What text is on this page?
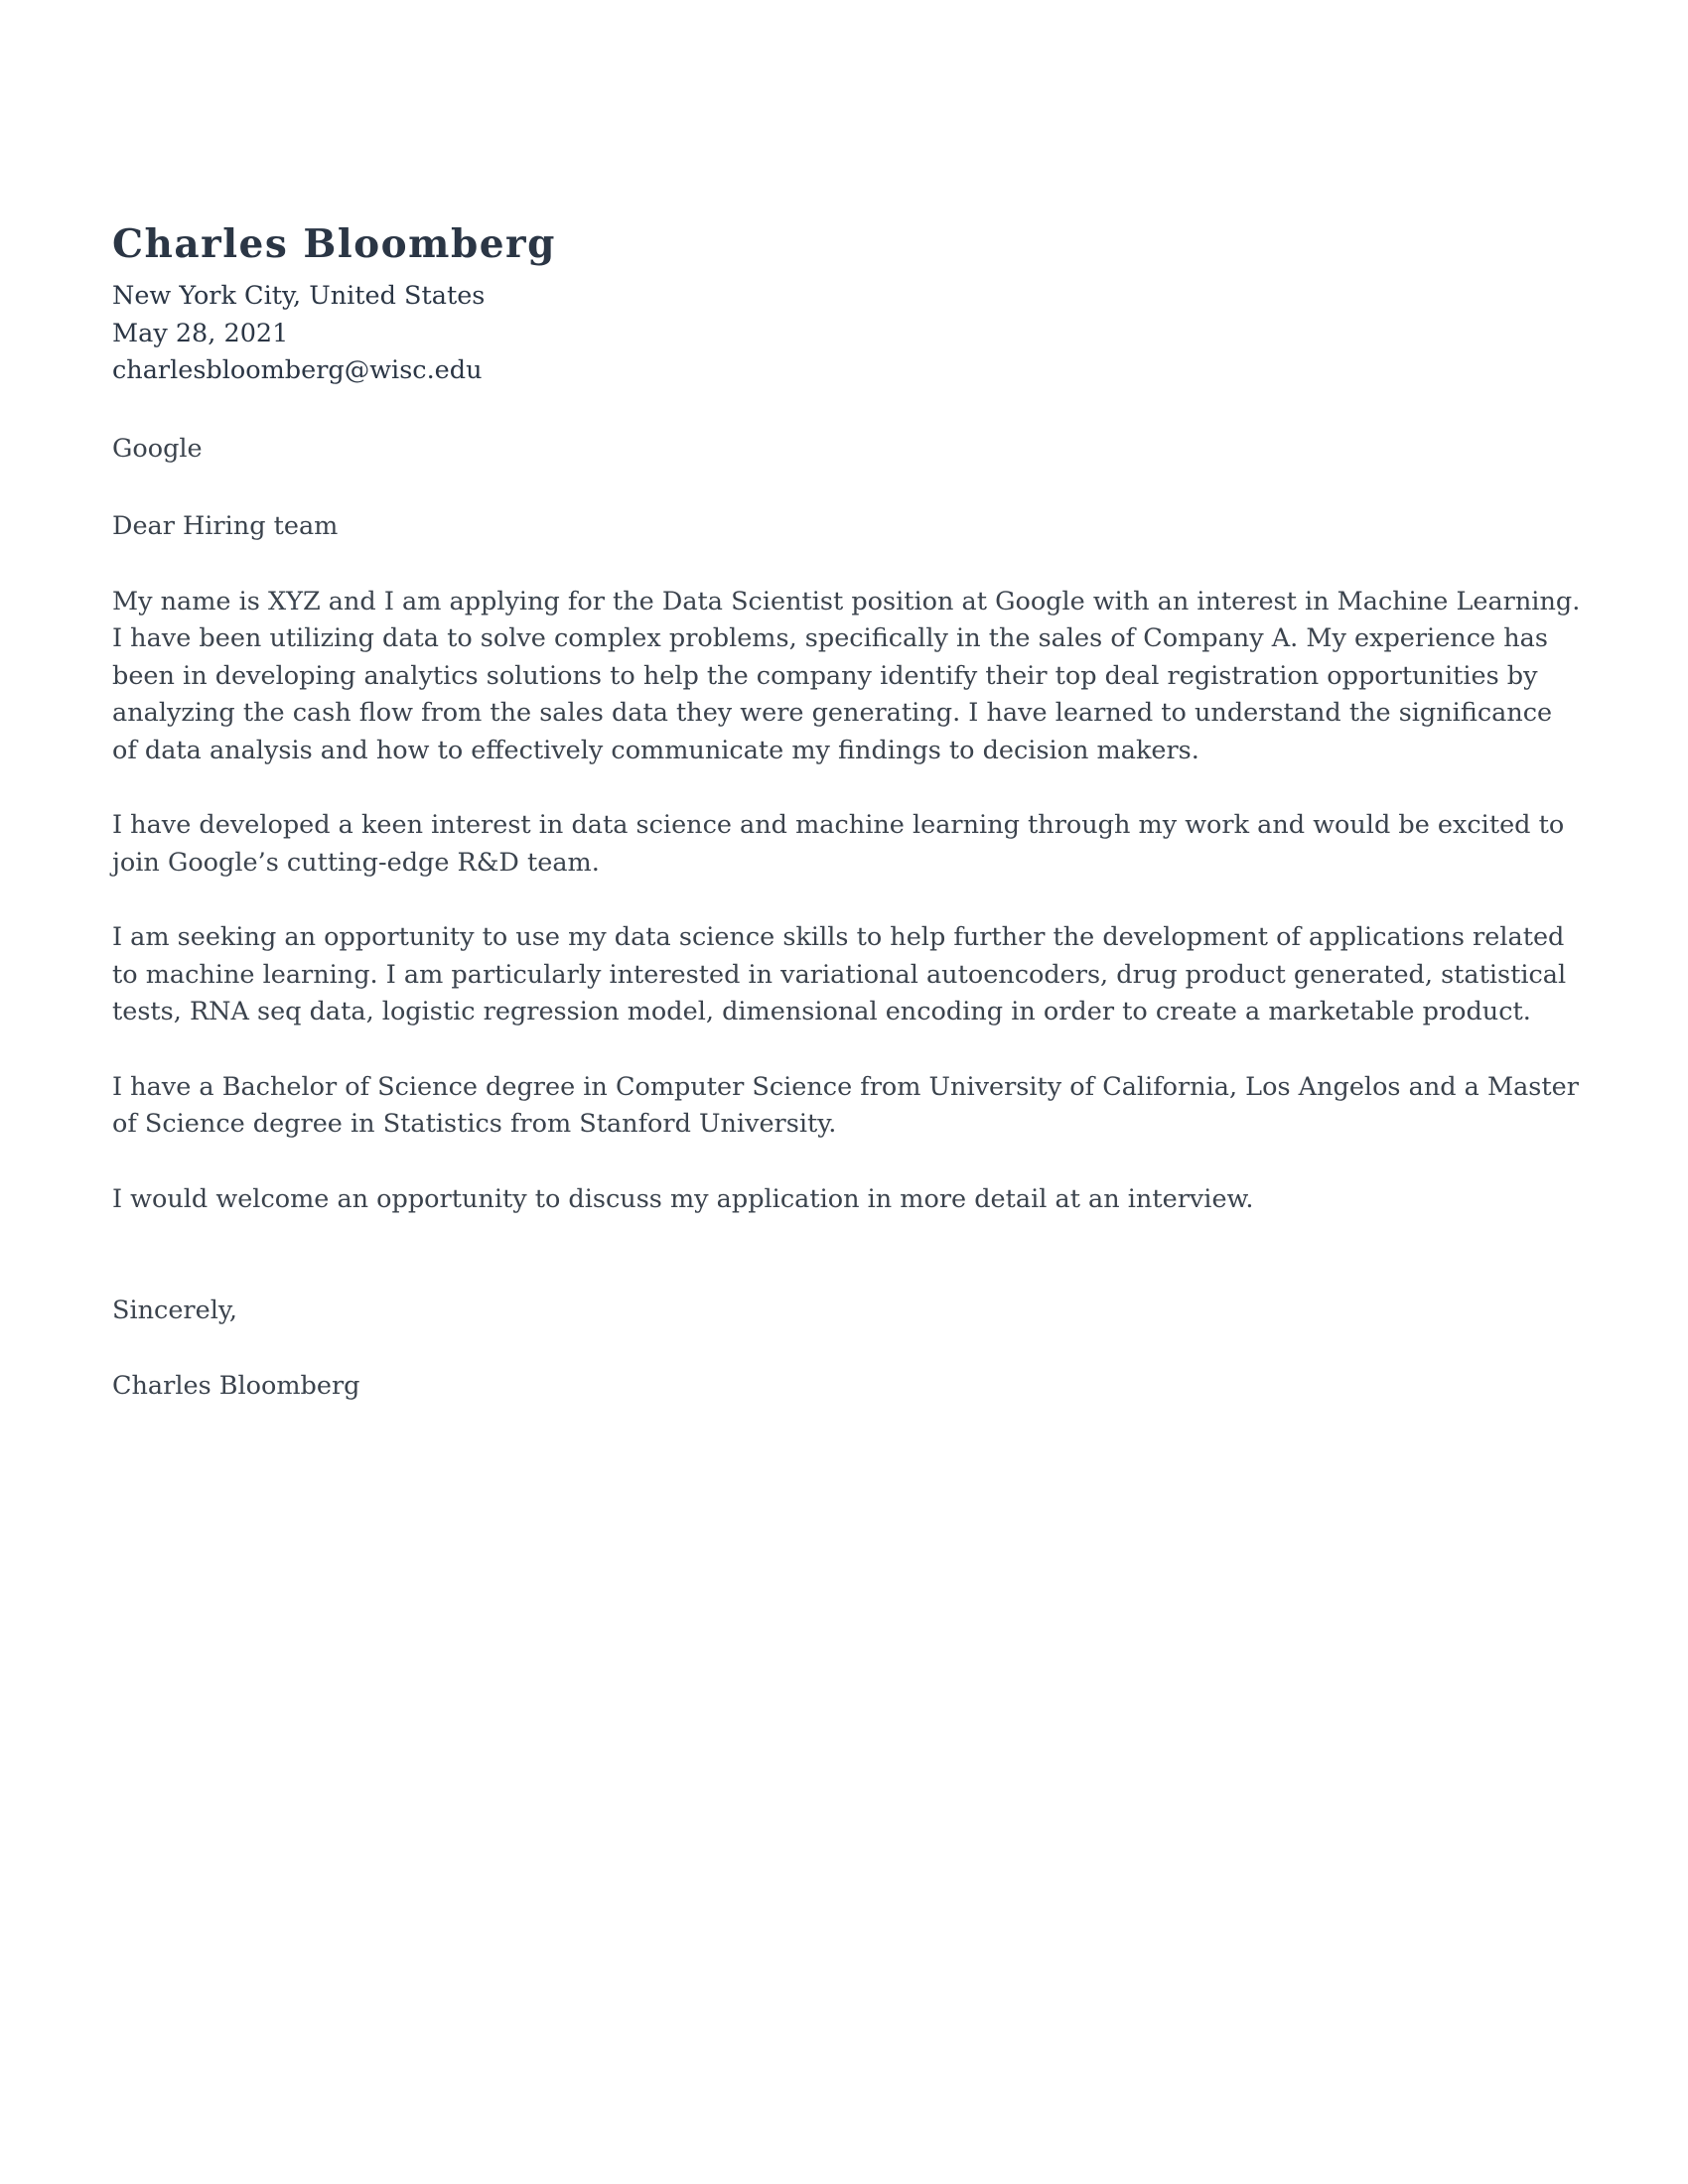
Charles Bloomberg
New York City, United States
May 28, 2021
charlesbloomberg@wisc.edu

Google

Dear Hiring team

My name is XYZ and I am applying for the Data Scientist position at Google with an interest in Machine Learning. I have been utilizing data to solve complex problems, specifically in the sales of Company A. My experience has been in developing analytics solutions to help the company identify their top deal registration opportunities by analyzing the cash flow from the sales data they were generating. I have learned to understand the significance of data analysis and how to effectively communicate my findings to decision makers.

I have developed a keen interest in data science and machine learning through my work and would be excited to join Google’s cutting-edge R&D team.

I am seeking an opportunity to use my data science skills to help further the development of applications related to machine learning. I am particularly interested in variational autoencoders, drug product generated, statistical tests, RNA seq data, logistic regression model, dimensional encoding in order to create a marketable product.

I have a Bachelor of Science degree in Computer Science from University of California, Los Angelos and a Master of Science degree in Statistics from Stanford University.

I would welcome an opportunity to discuss my application in more detail at an interview.

Sincerely,

Charles Bloomberg
